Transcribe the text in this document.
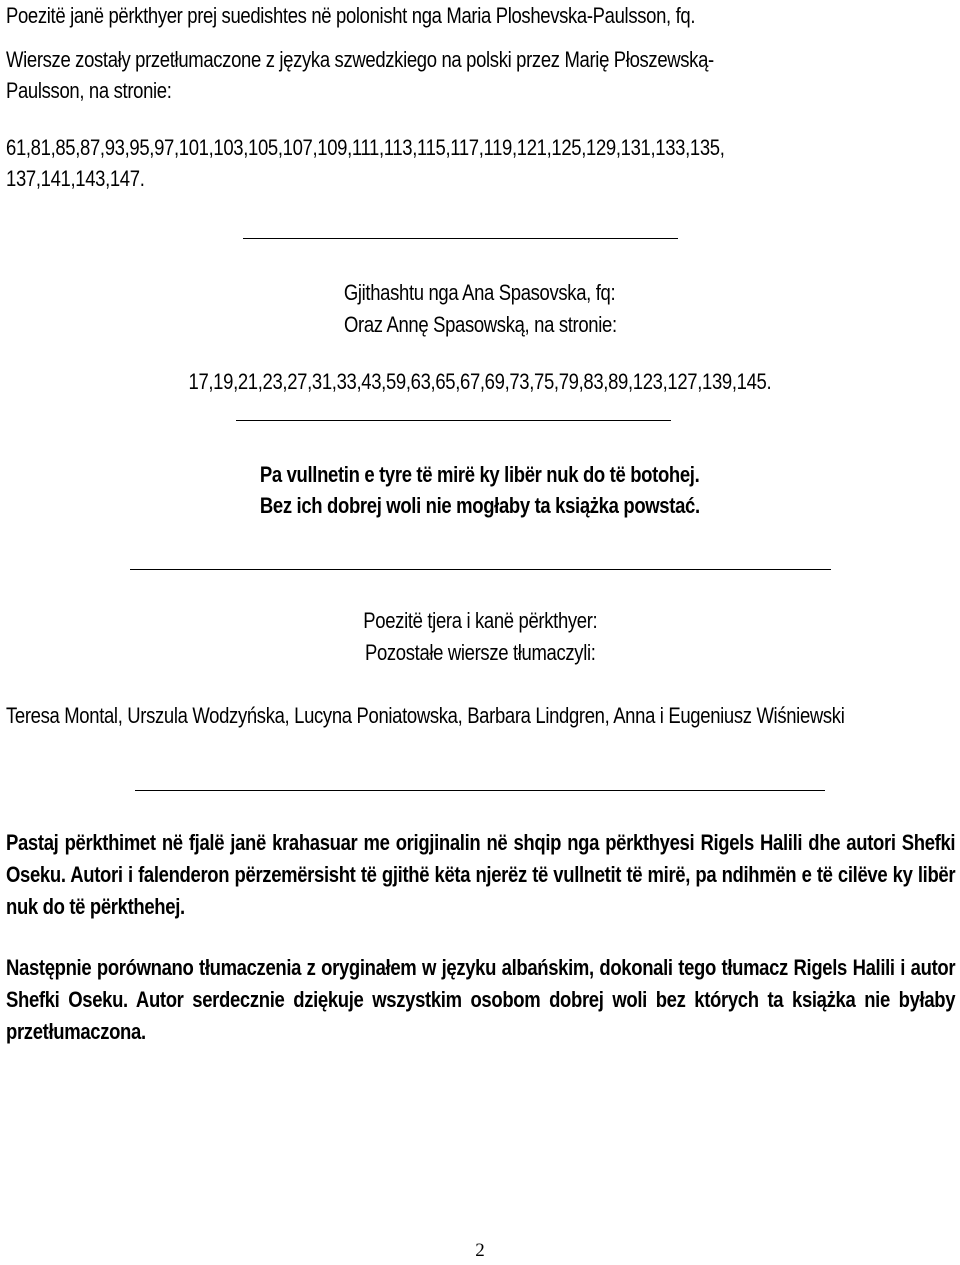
Poezitë janë përkthyer prej suedishtes në polonisht nga Maria Ploshevska-Paulsson, fq.

Wiersze zostały przetłumaczone z języka szwedzkiego na polski przez Marię Płoszewską-

Paulsson, na stronie:

61,81,85,87,93,95,97,101,103,105,107,109,111,113,115,117,119,121,125,129,131,133,135,

137,141,143,147.

Gjithashtu nga Ana Spasovska, fq:

Oraz Annę Spasowską, na stronie:

17,19,21,23,27,31,33,43,59,63,65,67,69,73,75,79,83,89,123,127,139,145.

Pa vullnetin e tyre të mirë ky libër nuk do të botohej.

Bez ich dobrej woli nie mogłaby ta książka powstać.

Poezitë tjera i kanë përkthyer:

Pozostałe wiersze tłumaczyli:

Teresa Montal, Urszula Wodzyńska, Lucyna Poniatowska, Barbara Lindgren, Anna i Eugeniusz Wiśniewski

Pastaj përkthimet në fjalë janë krahasuar me origjinalin në shqip nga përkthyesi Rigels Halili dhe autori Shefki Oseku. Autori i falenderon përzemërsisht të gjithë këta njerëz të vullnetit të mirë, pa ndihmën e të cilëve ky libër nuk do të përkthehej.

Następnie porównano tłumaczenia z oryginałem w języku albańskim, dokonali tego tłumacz Rigels Halili i autor Shefki Oseku. Autor serdecznie dziękuje wszystkim osobom dobrej woli bez których ta książka nie byłaby przetłumaczona.

2
